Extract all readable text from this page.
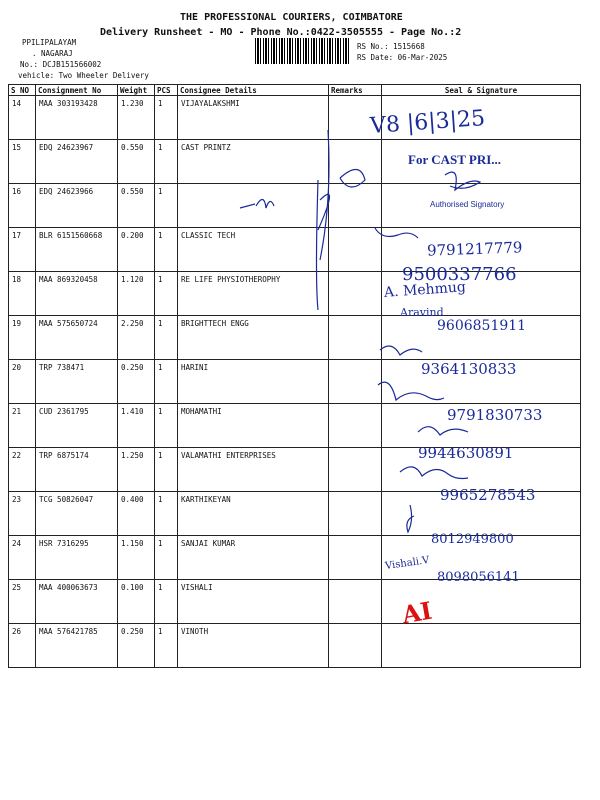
THE PROFESSIONAL COURIERS, COIMBATORE
Delivery Runsheet - MO - Phone No.:0422-3505555 - Page No.:2
PPILIPALAYAM
. NAGARAJ
No.: DCJB151566002
vehicle: Two Wheeler Delivery
RS No.: 1515668
RS Date: 06-Mar-2025
S NO	Consignment No	Weight	PCS	Consignee Details	Remarks	Seal & Signature
14	MAA 303193428	1.230	1	VIJAYALAKSHMI		
15	EDQ 24623967	0.550	1	CAST PRINTZ		
16	EDQ 24623966	0.550	1			
17	BLR 6151560668	0.200	1	CLASSIC TECH		
18	MAA 869320458	1.120	1	RE LIFE PHYSIOTHEROPHY		
19	MAA 575650724	2.250	1	BRIGHTTECH ENGG		
20	TRP 738471	0.250	1	HARINI		
21	CUD 2361795	1.410	1	MOHAMATHI		
22	TRP 6875174	1.250	1	VALAMATHI ENTERPRISES		
23	TCG 50826047	0.400	1	KARTHIKEYAN		
24	HSR 7316295	1.150	1	SANJAI KUMAR		
25	MAA 400063673	0.100	1	VISHALI		
26	MAA 576421785	0.250	1	VINOTH		
V8 |6|3|25
For CAST PRI...
Authorised Signatory
9791217779
9500337766
A. Mehmug
Aravind
9606851911
9364130833
9791830733
9944630891
9965278543
8012949800
Vishali.V
8098056141
AI
